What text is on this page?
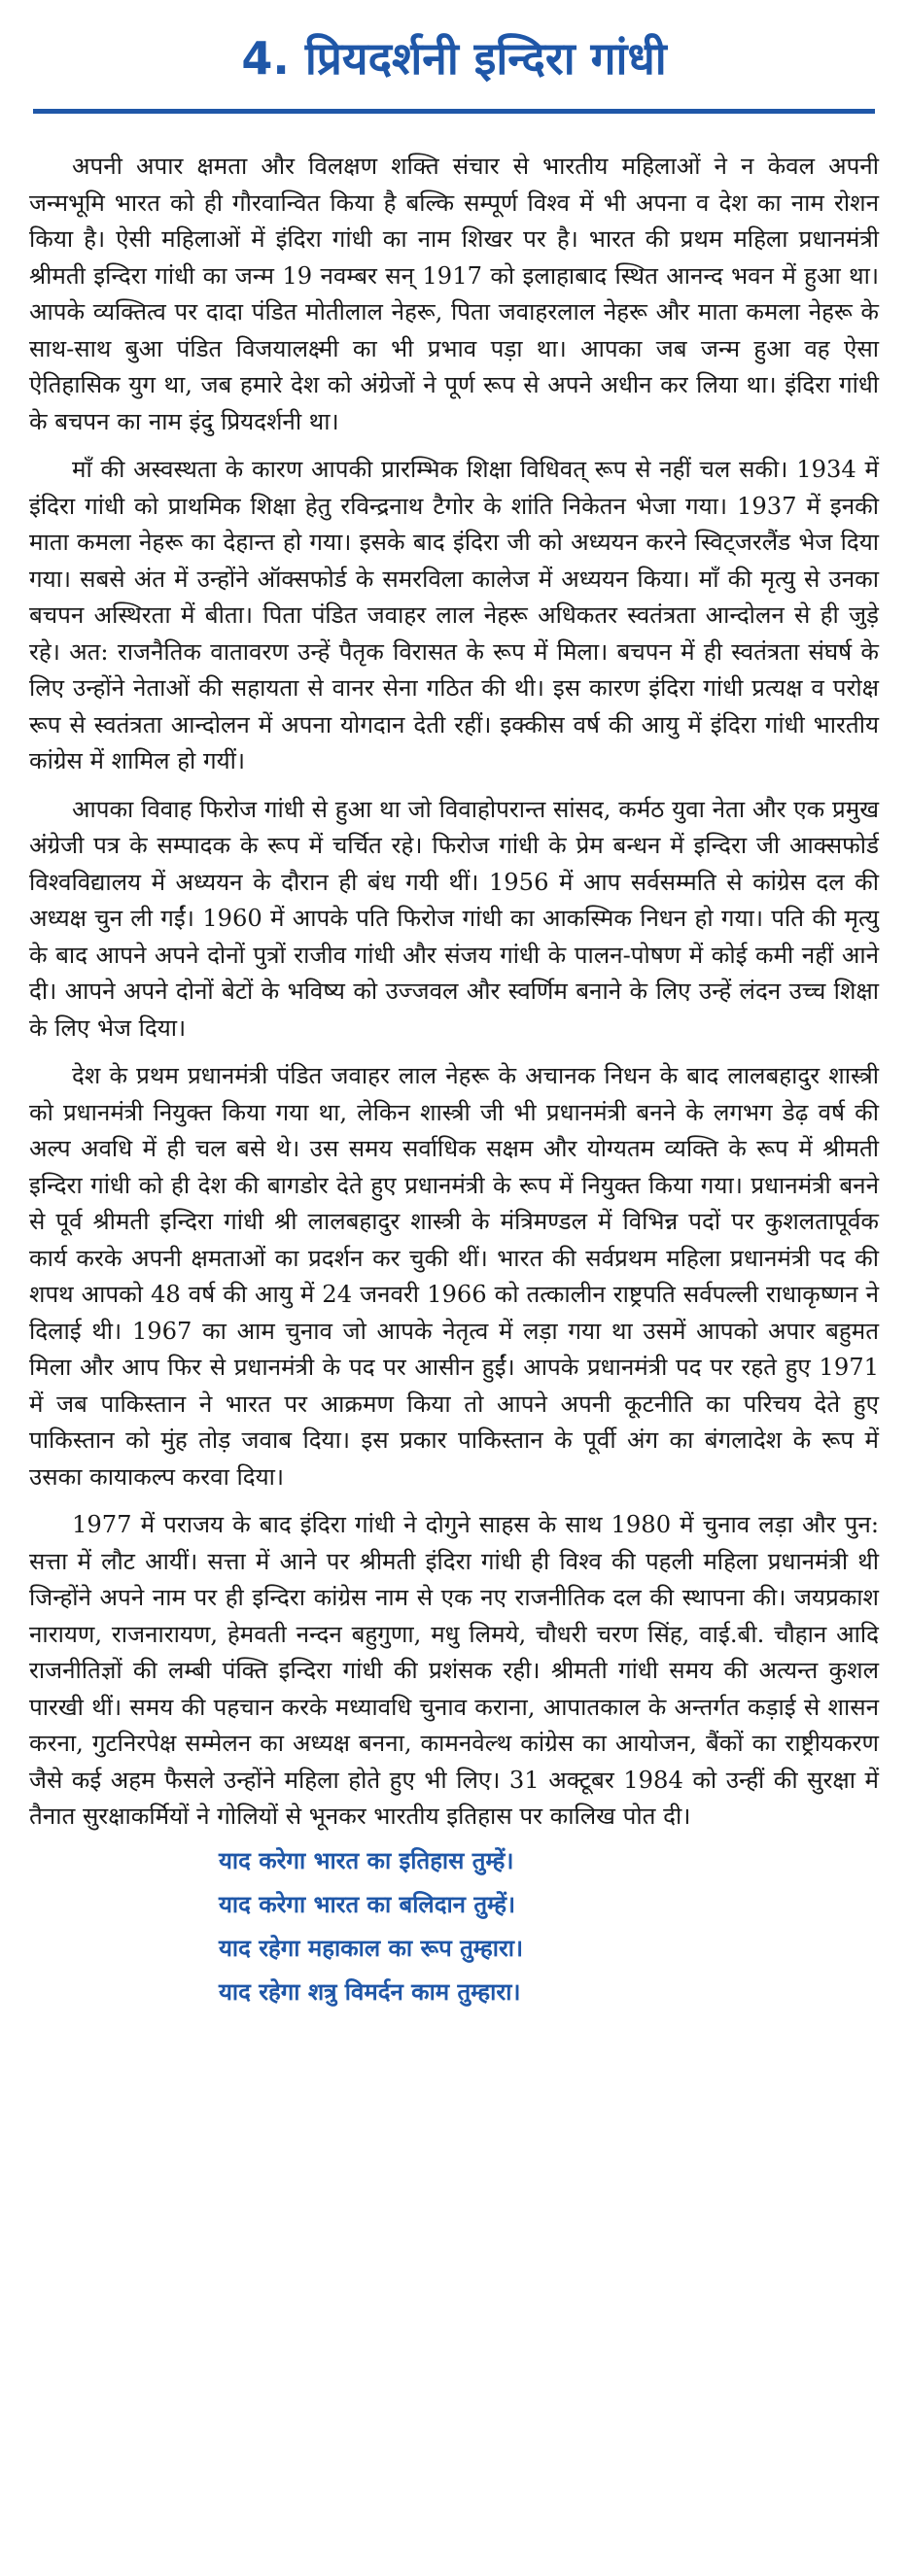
4. प्रियदर्शनी इन्दिरा गांधी

अपनी अपार क्षमता और विलक्षण शक्ति संचार से भारतीय महिलाओं ने न केवल अपनी जन्मभूमि भारत को ही गौरवान्वित किया है बल्कि सम्पूर्ण विश्व में भी अपना व देश का नाम रोशन किया है। ऐसी महिलाओं में इंदिरा गांधी का नाम शिखर पर है। भारत की प्रथम महिला प्रधानमंत्री श्रीमती इन्दिरा गांधी का जन्म 19 नवम्बर सन् 1917 को इलाहाबाद स्थित आनन्द भवन में हुआ था। आपके व्यक्तित्व पर दादा पंडित मोतीलाल नेहरू, पिता जवाहरलाल नेहरू और माता कमला नेहरू के साथ-साथ बुआ पंडित विजयालक्ष्मी का भी प्रभाव पड़ा था। आपका जब जन्म हुआ वह ऐसा ऐतिहासिक युग था, जब हमारे देश को अंग्रेजों ने पूर्ण रूप से अपने अधीन कर लिया था। इंदिरा गांधी के बचपन का नाम इंदु प्रियदर्शनी था।

माँ की अस्वस्थता के कारण आपकी प्रारम्भिक शिक्षा विधिवत् रूप से नहीं चल सकी। 1934 में इंदिरा गांधी को प्राथमिक शिक्षा हेतु रविन्द्रनाथ टैगोर के शांति निकेतन भेजा गया। 1937 में इनकी माता कमला नेहरू का देहान्त हो गया। इसके बाद इंदिरा जी को अध्ययन करने स्विट्जरलैंड भेज दिया गया। सबसे अंत में उन्होंने ऑक्सफोर्ड के समरविला कालेज में अध्ययन किया। माँ की मृत्यु से उनका बचपन अस्थिरता में बीता। पिता पंडित जवाहर लाल नेहरू अधिकतर स्वतंत्रता आन्दोलन से ही जुड़े रहे। अत: राजनैतिक वातावरण उन्हें पैतृक विरासत के रूप में मिला। बचपन में ही स्वतंत्रता संघर्ष के लिए उन्होंने नेताओं की सहायता से वानर सेना गठित की थी। इस कारण इंदिरा गांधी प्रत्यक्ष व परोक्ष रूप से स्वतंत्रता आन्दोलन में अपना योगदान देती रहीं। इक्कीस वर्ष की आयु में इंदिरा गांधी भारतीय कांग्रेस में शामिल हो गयीं।

आपका विवाह फिरोज गांधी से हुआ था जो विवाहोपरान्त सांसद, कर्मठ युवा नेता और एक प्रमुख अंग्रेजी पत्र के सम्पादक के रूप में चर्चित रहे। फिरोज गांधी के प्रेम बन्धन में इन्दिरा जी आक्सफोर्ड विश्वविद्यालय में अध्ययन के दौरान ही बंध गयी थीं। 1956 में आप सर्वसम्मति से कांग्रेस दल की अध्यक्ष चुन ली गईं। 1960 में आपके पति फिरोज गांधी का आकस्मिक निधन हो गया। पति की मृत्यु के बाद आपने अपने दोनों पुत्रों राजीव गांधी और संजय गांधी के पालन-पोषण में कोई कमी नहीं आने दी। आपने अपने दोनों बेटों के भविष्य को उज्जवल और स्वर्णिम बनाने के लिए उन्हें लंदन उच्च शिक्षा के लिए भेज दिया।

देश के प्रथम प्रधानमंत्री पंडित जवाहर लाल नेहरू के अचानक निधन के बाद लालबहादुर शास्त्री को प्रधानमंत्री नियुक्त किया गया था, लेकिन शास्त्री जी भी प्रधानमंत्री बनने के लगभग डेढ़ वर्ष की अल्प अवधि में ही चल बसे थे। उस समय सर्वाधिक सक्षम और योग्यतम व्यक्ति के रूप में श्रीमती इन्दिरा गांधी को ही देश की बागडोर देते हुए प्रधानमंत्री के रूप में नियुक्त किया गया। प्रधानमंत्री बनने से पूर्व श्रीमती इन्दिरा गांधी श्री लालबहादुर शास्त्री के मंत्रिमण्डल में विभिन्न पदों पर कुशलतापूर्वक कार्य करके अपनी क्षमताओं का प्रदर्शन कर चुकी थीं। भारत की सर्वप्रथम महिला प्रधानमंत्री पद की शपथ आपको 48 वर्ष की आयु में 24 जनवरी 1966 को तत्कालीन राष्ट्रपति सर्वपल्ली राधाकृष्णन ने दिलाई थी। 1967 का आम चुनाव जो आपके नेतृत्व में लड़ा गया था उसमें आपको अपार बहुमत मिला और आप फिर से प्रधानमंत्री के पद पर आसीन हुईं। आपके प्रधानमंत्री पद पर रहते हुए 1971 में जब पाकिस्तान ने भारत पर आक्रमण किया तो आपने अपनी कूटनीति का परिचय देते हुए पाकिस्तान को मुंह तोड़ जवाब दिया। इस प्रकार पाकिस्तान के पूर्वी अंग का बंगलादेश के रूप में उसका कायाकल्प करवा दिया।

1977 में पराजय के बाद इंदिरा गांधी ने दोगुने साहस के साथ 1980 में चुनाव लड़ा और पुन: सत्ता में लौट आयीं। सत्ता में आने पर श्रीमती इंदिरा गांधी ही विश्व की पहली महिला प्रधानमंत्री थी जिन्होंने अपने नाम पर ही इन्दिरा कांग्रेस नाम से एक नए राजनीतिक दल की स्थापना की। जयप्रकाश नारायण, राजनारायण, हेमवती नन्दन बहुगुणा, मधु लिमये, चौधरी चरण सिंह, वाई.बी. चौहान आदि राजनीतिज्ञों की लम्बी पंक्ति इन्दिरा गांधी की प्रशंसक रही। श्रीमती गांधी समय की अत्यन्त कुशल पारखी थीं। समय की पहचान करके मध्यावधि चुनाव कराना, आपातकाल के अन्तर्गत कड़ाई से शासन करना, गुटनिरपेक्ष सम्मेलन का अध्यक्ष बनना, कामनवेल्थ कांग्रेस का आयोजन, बैंकों का राष्ट्रीयकरण जैसे कई अहम फैसले उन्होंने महिला होते हुए भी लिए। 31 अक्टूबर 1984 को उन्हीं की सुरक्षा में तैनात सुरक्षाकर्मियों ने गोलियों से भूनकर भारतीय इतिहास पर कालिख पोत दी।

याद करेगा भारत का इतिहास तुम्हें।
याद करेगा भारत का बलिदान तुम्हें।
याद रहेगा महाकाल का रूप तुम्हारा।
याद रहेगा शत्रु विमर्दन काम तुम्हारा।
